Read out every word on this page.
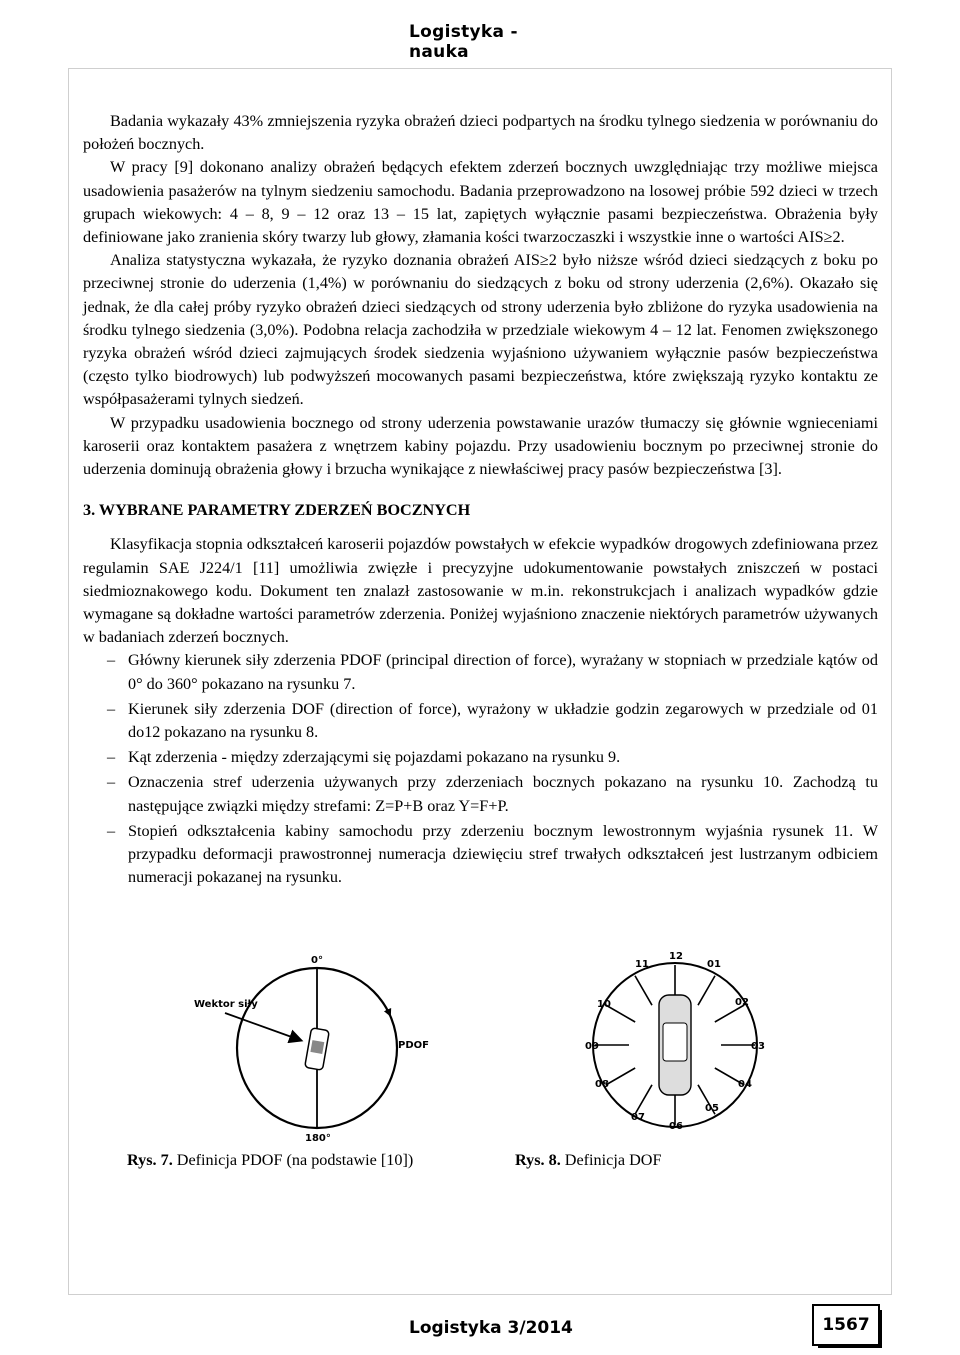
Logistyka - nauka

Badania wykazały 43% zmniejszenia ryzyka obrażeń dzieci podpartych na środku tylnego siedzenia w porównaniu do położeń bocznych.

W pracy [9] dokonano analizy obrażeń będących efektem zderzeń bocznych uwzględniając trzy możliwe miejsca usadowienia pasażerów na tylnym siedzeniu samochodu. Badania przeprowadzono na losowej próbie 592 dzieci w trzech grupach wiekowych: 4 – 8, 9 – 12 oraz 13 – 15 lat, zapiętych wyłącznie pasami bezpieczeństwa. Obrażenia były definiowane jako zranienia skóry twarzy lub głowy, złamania kości twarzoczaszki i wszystkie inne o wartości AIS≥2.

Analiza statystyczna wykazała, że ryzyko doznania obrażeń AIS≥2 było niższe wśród dzieci siedzących z boku po przeciwnej stronie do uderzenia (1,4%) w porównaniu do siedzących z boku od strony uderzenia (2,6%). Okazało się jednak, że dla całej próby ryzyko obrażeń dzieci siedzących od strony uderzenia było zbliżone do ryzyka usadowienia na środku tylnego siedzenia (3,0%). Podobna relacja zachodziła w przedziale wiekowym 4 – 12 lat. Fenomen zwiększonego ryzyka obrażeń wśród dzieci zajmujących środek siedzenia wyjaśniono używaniem wyłącznie pasów bezpieczeństwa (często tylko biodrowych) lub podwyższeń mocowanych pasami bezpieczeństwa, które zwiększają ryzyko kontaktu ze współpasażerami tylnych siedzeń.

W przypadku usadowienia bocznego od strony uderzenia powstawanie urazów tłumaczy się głównie wgnieceniami karoserii oraz kontaktem pasażera z wnętrzem kabiny pojazdu. Przy usadowieniu bocznym po przeciwnej stronie do uderzenia dominują obrażenia głowy i brzucha wynikające z niewłaściwej pracy pasów bezpieczeństwa [3].

3. WYBRANE PARAMETRY ZDERZEŃ BOCZNYCH

Klasyfikacja stopnia odkształceń karoserii pojazdów powstałych w efekcie wypadków drogowych zdefiniowana przez regulamin SAE J224/1 [11] umożliwia zwięzłe i precyzyjne udokumentowanie powstałych zniszczeń w postaci siedmioznakowego kodu. Dokument ten znalazł zastosowanie w m.in. rekonstrukcjach i analizach wypadków gdzie wymagane są dokładne wartości parametrów zderzenia. Poniżej wyjaśniono znaczenie niektórych parametrów używanych w badaniach zderzeń bocznych.

– Główny kierunek siły zderzenia PDOF (principal direction of force), wyrażany w stopniach w przedziale kątów od 0° do 360° pokazano na rysunku 7.
– Kierunek siły zderzenia DOF (direction of force), wyrażony w układzie godzin zegarowych w przedziale od 01 do12 pokazano na rysunku 8.
– Kąt zderzenia - między zderzającymi się pojazdami pokazano na rysunku 9.
– Oznaczenia stref uderzenia używanych przy zderzeniach bocznych pokazano na rysunku 10. Zachodzą tu następujące związki między strefami: Z=P+B oraz Y=F+P.
– Stopień odkształcenia kabiny samochodu przy zderzeniu bocznym lewostronnym wyjaśnia rysunek 11. W przypadku deformacji prawostronnej numeracja dziewięciu stref trwałych odkształceń jest lustrzanym odbiciem numeracji pokazanej na rysunku.
0°
180°
Wektor siły
PDOF
12
01
02
03
04
05
06
07
08
09
10
11
Rys. 7. Definicja PDOF (na podstawie [10])	Rys. 8. Definicja DOF
Logistyka 3/2014	1567
